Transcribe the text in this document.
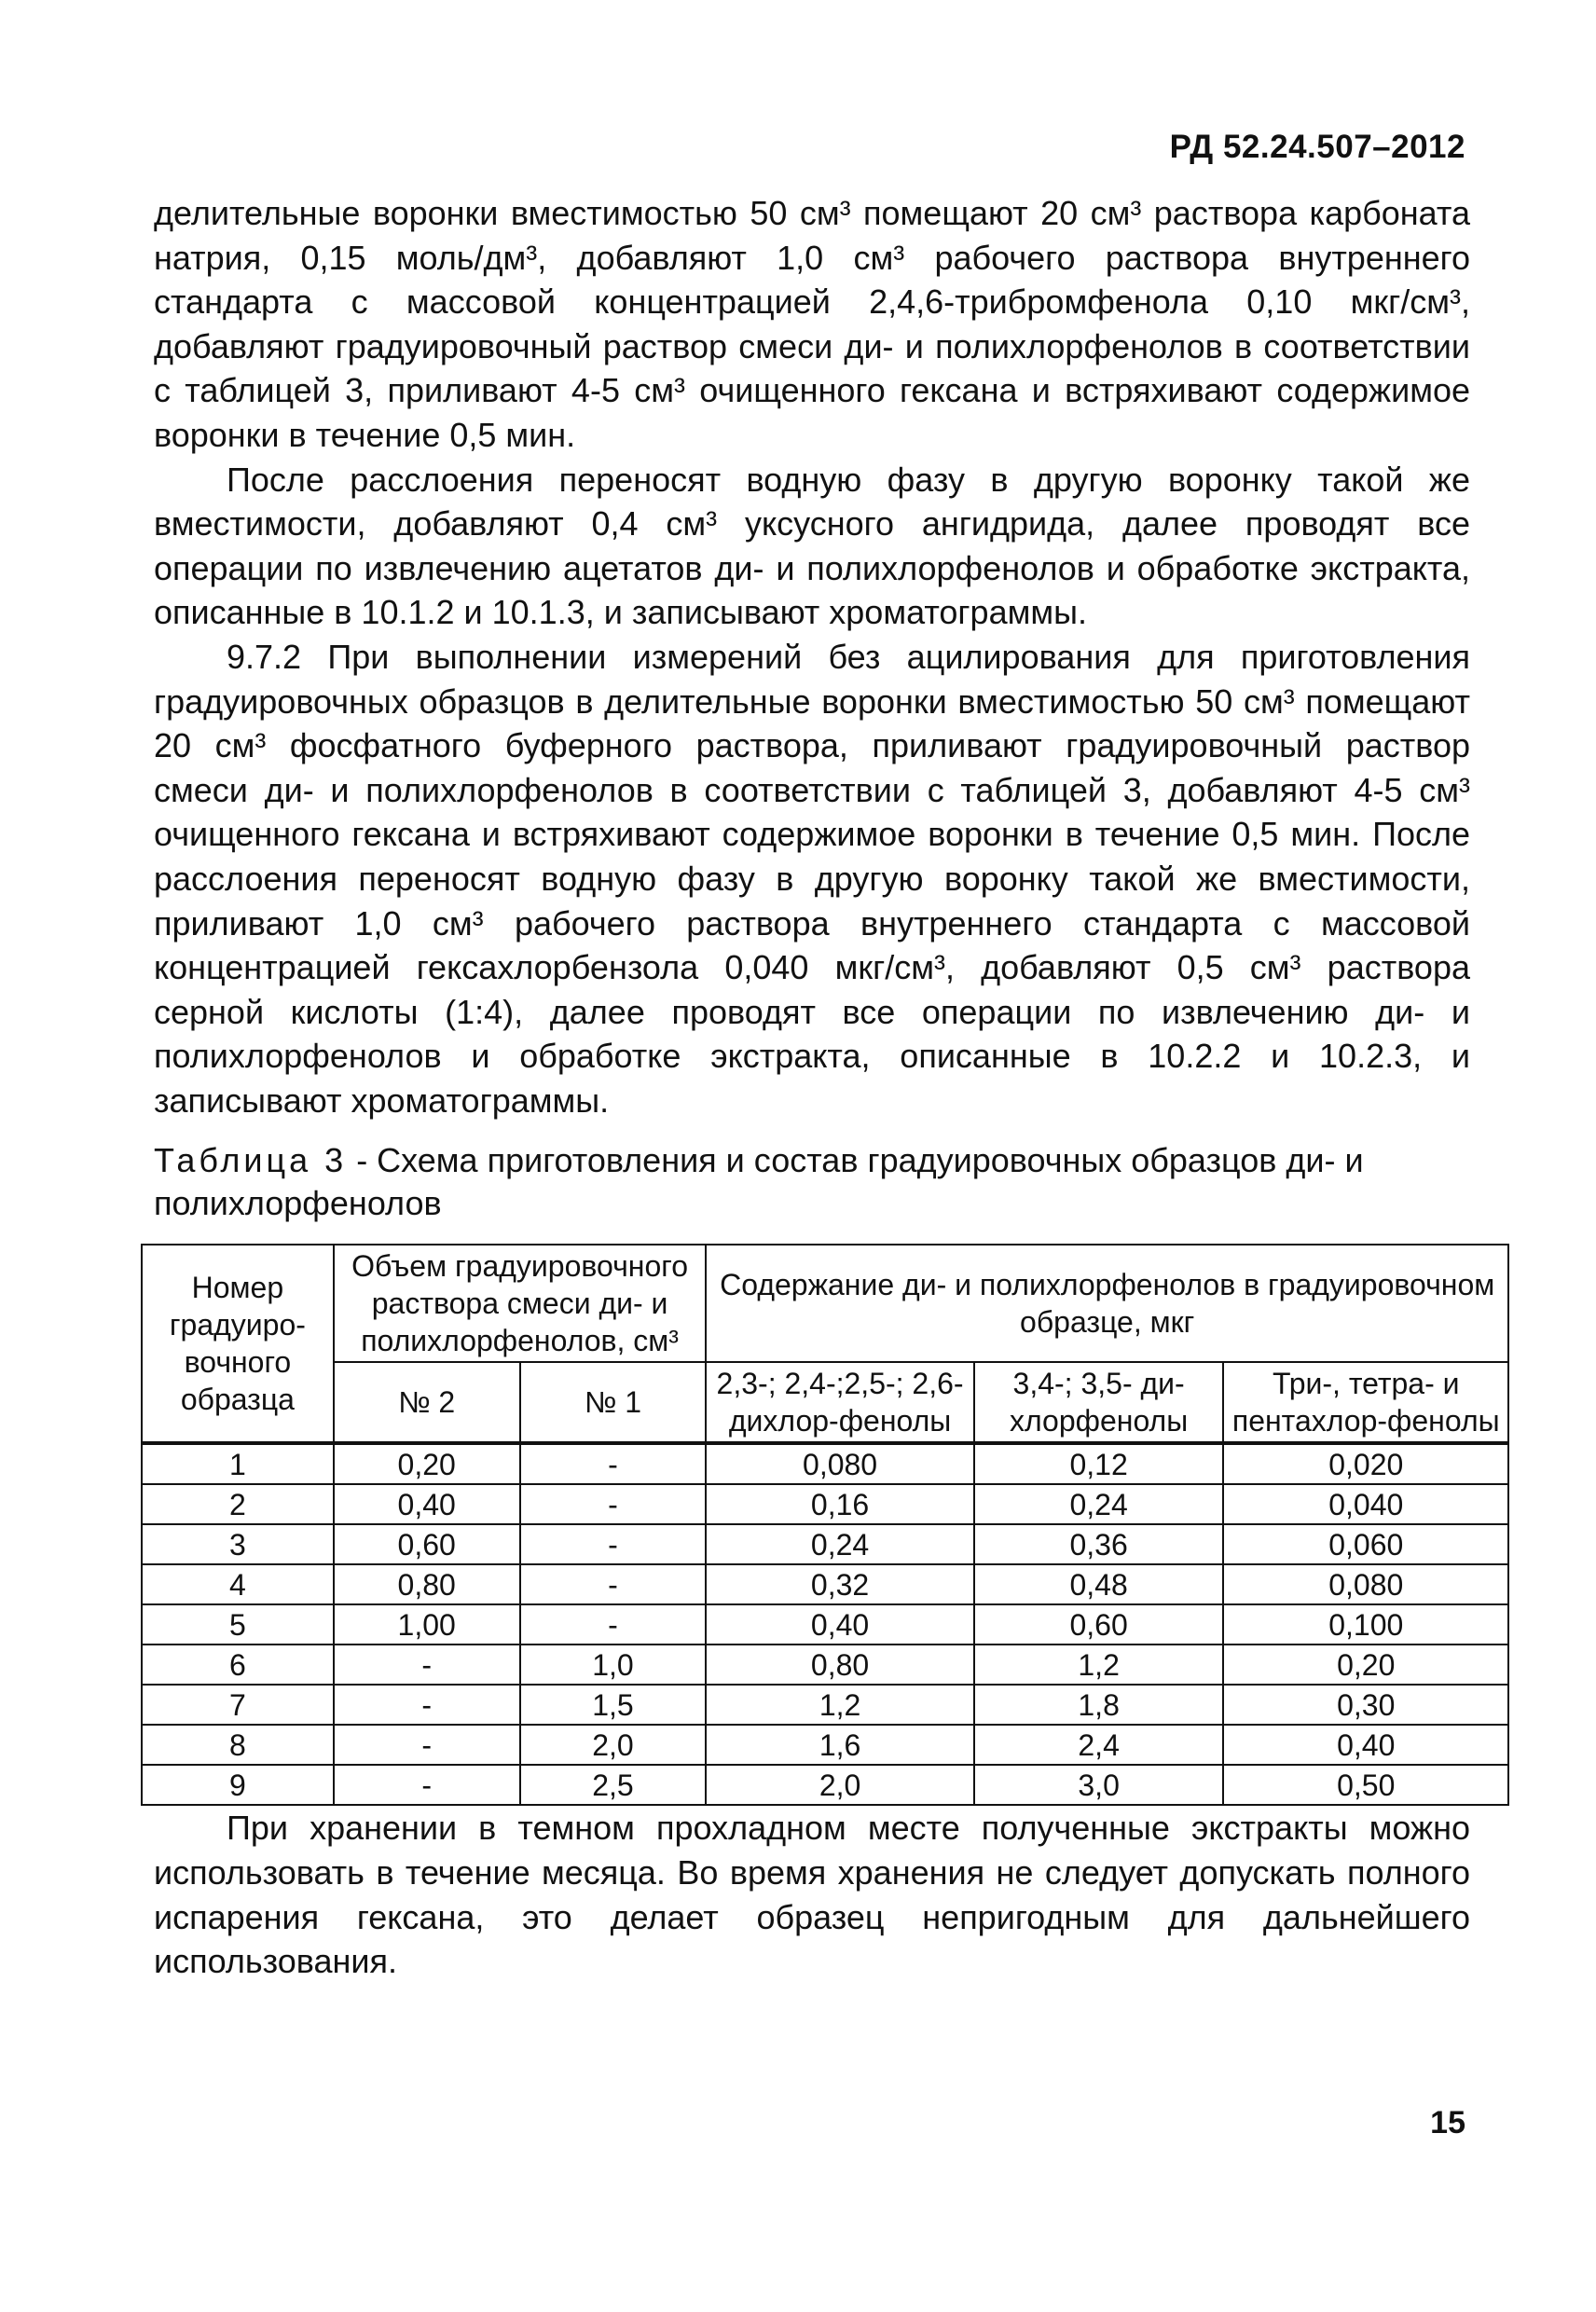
РД 52.24.507–2012

делительные воронки вместимостью 50 см³ помещают 20 см³ раствора карбоната натрия, 0,15 моль/дм³, добавляют 1,0 см³ рабочего раствора внутреннего стандарта с массовой концентрацией 2,4,6-трибромфенола 0,10 мкг/см³, добавляют градуировочный раствор смеси ди- и полихлорфенолов в соответствии с таблицей 3, приливают 4-5 см³ очищенного гексана и встряхивают содержимое воронки в течение 0,5 мин.

После расслоения переносят водную фазу в другую воронку такой же вместимости, добавляют 0,4 см³ уксусного ангидрида, далее проводят все операции по извлечению ацетатов ди- и полихлорфенолов и обработке экстракта, описанные в 10.1.2 и 10.1.3, и записывают хроматограммы.

9.7.2 При выполнении измерений без ацилирования для приготовления градуировочных образцов в делительные воронки вместимостью 50 см³ помещают 20 см³ фосфатного буферного раствора, приливают градуировочный раствор смеси ди- и полихлорфенолов в соответствии с таблицей 3, добавляют 4-5 см³ очищенного гексана и встряхивают содержимое воронки в течение 0,5 мин. После расслоения переносят водную фазу в другую воронку такой же вместимости, приливают 1,0 см³ рабочего раствора внутреннего стандарта с массовой концентрацией гексахлорбензола 0,040 мкг/см³, добавляют 0,5 см³ раствора серной кислоты (1:4), далее проводят все операции по извлечению ди- и полихлорфенолов и обработке экстракта, описанные в 10.2.2 и 10.2.3, и записывают хроматограммы.

Таблица 3 - Схема приготовления и состав градуировочных образцов ди- и полихлорфенолов
Номер градуиро-вочного образца	Объем градуировочного раствора смеси ди- и полихлорфенолов, см³		Содержание ди- и полихлорфенолов в градуировочном образце, мкг		
	№ 2	№ 1	2,3-; 2,4-;2,5-; 2,6- дихлор-фенолы	3,4-; 3,5- ди-хлорфенолы	Три-, тетра- и пентахлор-фенолы
1	0,20	-	0,080	0,12	0,020
2	0,40	-	0,16	0,24	0,040
3	0,60	-	0,24	0,36	0,060
4	0,80	-	0,32	0,48	0,080
5	1,00	-	0,40	0,60	0,100
6	-	1,0	0,80	1,2	0,20
7	-	1,5	1,2	1,8	0,30
8	-	2,0	1,6	2,4	0,40
9	-	2,5	2,0	3,0	0,50

При хранении в темном прохладном месте полученные экстракты можно использовать в течение месяца. Во время хранения не следует допускать полного испарения гексана, это делает образец непригодным для дальнейшего использования.

15
